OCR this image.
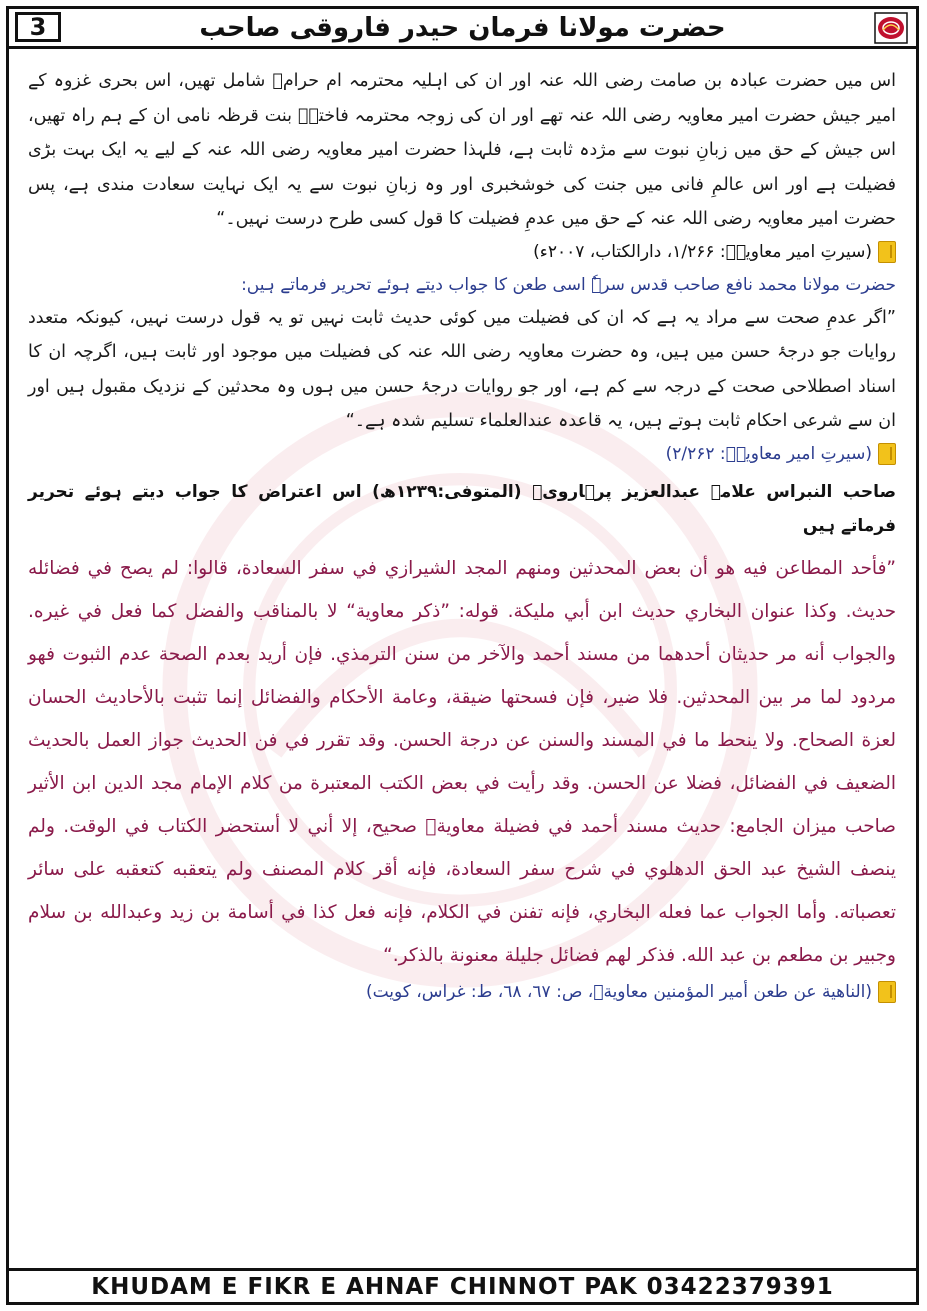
3	حضرت مولانا فرمان حیدر فاروقی صاحب

اس میں حضرت عبادہ بن صامت رضی اللہ عنہ اور ان کی اہلیہ محترمہ ام حرامؓ شامل تھیں، اس بحری غزوہ کے امیر جیش حضرت امیر معاویہ رضی اللہ عنہ تھے اور ان کی زوجہ محترمہ فاختہؓ بنت قرظہ نامی ان کے ہم راہ تھیں، اس جیش کے حق میں زبانِ نبوت سے مژدہ ثابت ہے، فلہذا حضرت امیر معاویہ رضی اللہ عنہ کے لیے یہ ایک بہت بڑی فضیلت ہے اور اس عالمِ فانی میں جنت کی خوشخبری اور وہ زبانِ نبوت سے یہ ایک نہایت سعادت مندی ہے، پس حضرت امیر معاویہ رضی اللہ عنہ کے حق میں عدمِ فضیلت کا قول کسی طرح درست نہیں۔“

(سیرتِ امیر معاویہؓ: ۱/۲۶۶، دارالکتاب، ۲۰۰۷ء)

حضرت مولانا محمد نافع صاحب قدس سرہٗ اسی طعن کا جواب دیتے ہوئے تحریر فرماتے ہیں:

”اگر عدمِ صحت سے مراد یہ ہے کہ ان کی فضیلت میں کوئی حدیث ثابت نہیں تو یہ قول درست نہیں، کیونکہ متعدد روایات جو درجۂ حسن میں ہیں، وہ حضرت معاویہ رضی اللہ عنہ کی فضیلت میں موجود اور ثابت ہیں، اگرچہ ان کا اسناد اصطلاحی صحت کے درجہ سے کم ہے، اور جو روایات درجۂ حسن میں ہوں وہ محدثین کے نزدیک مقبول ہیں اور ان سے شرعی احکام ثابت ہوتے ہیں، یہ قاعدہ عندالعلماء تسلیم شدہ ہے۔“

(سیرتِ امیر معاویہؓ: ۲/۲۶۲)

صاحب النبراس علامہ عبدالعزیز پرہارویؒ (المتوفی:۱۲۳۹ھ) اس اعتراض کا جواب دیتے ہوئے تحریر فرماتے ہیں

”فأحد المطاعن فيه هو أن بعض المحدثين ومنهم المجد الشيرازي في سفر السعادة، قالوا: لم يصح في فضائله حديث. وكذا عنوان البخاري حديث ابن أبي مليكة. قوله: ”ذكر معاوية“ لا بالمناقب والفضل كما فعل في غيره. والجواب أنه مر حديثان أحدهما من مسند أحمد والآخر من سنن الترمذي. فإن أريد بعدم الصحة عدم الثبوت فهو مردود لما مر بين المحدثين. فلا ضير، فإن فسحتها ضيقة، وعامة الأحكام والفضائل إنما تثبت بالأحاديث الحسان لعزة الصحاح. ولا ينحط ما في المسند والسنن عن درجة الحسن. وقد تقرر في فن الحديث جواز العمل بالحديث الضعيف في الفضائل، فضلا عن الحسن. وقد رأيت في بعض الكتب المعتبرة من كلام الإمام مجد الدين ابن الأثير صاحب ميزان الجامع: حديث مسند أحمد في فضيلة معاويةؓ صحيح، إلا أني لا أستحضر الكتاب في الوقت. ولم ينصف الشيخ عبد الحق الدهلوي في شرح سفر السعادة، فإنه أقر كلام المصنف ولم يتعقبه كتعقبه على سائر تعصباته. وأما الجواب عما فعله البخاري، فإنه تفنن في الكلام، فإنه فعل كذا في أسامة بن زيد وعبدالله بن سلام وجبير بن مطعم بن عبد الله. فذكر لهم فضائل جليلة معنونة بالذكر.“

(الناهية عن طعن أمير المؤمنين معاويةؓ، ص: ٦٧، ٦٨، ط: غراس، كويت)
KHUDAM E FIKR E AHNAF CHINNOT PAK 03422379391
